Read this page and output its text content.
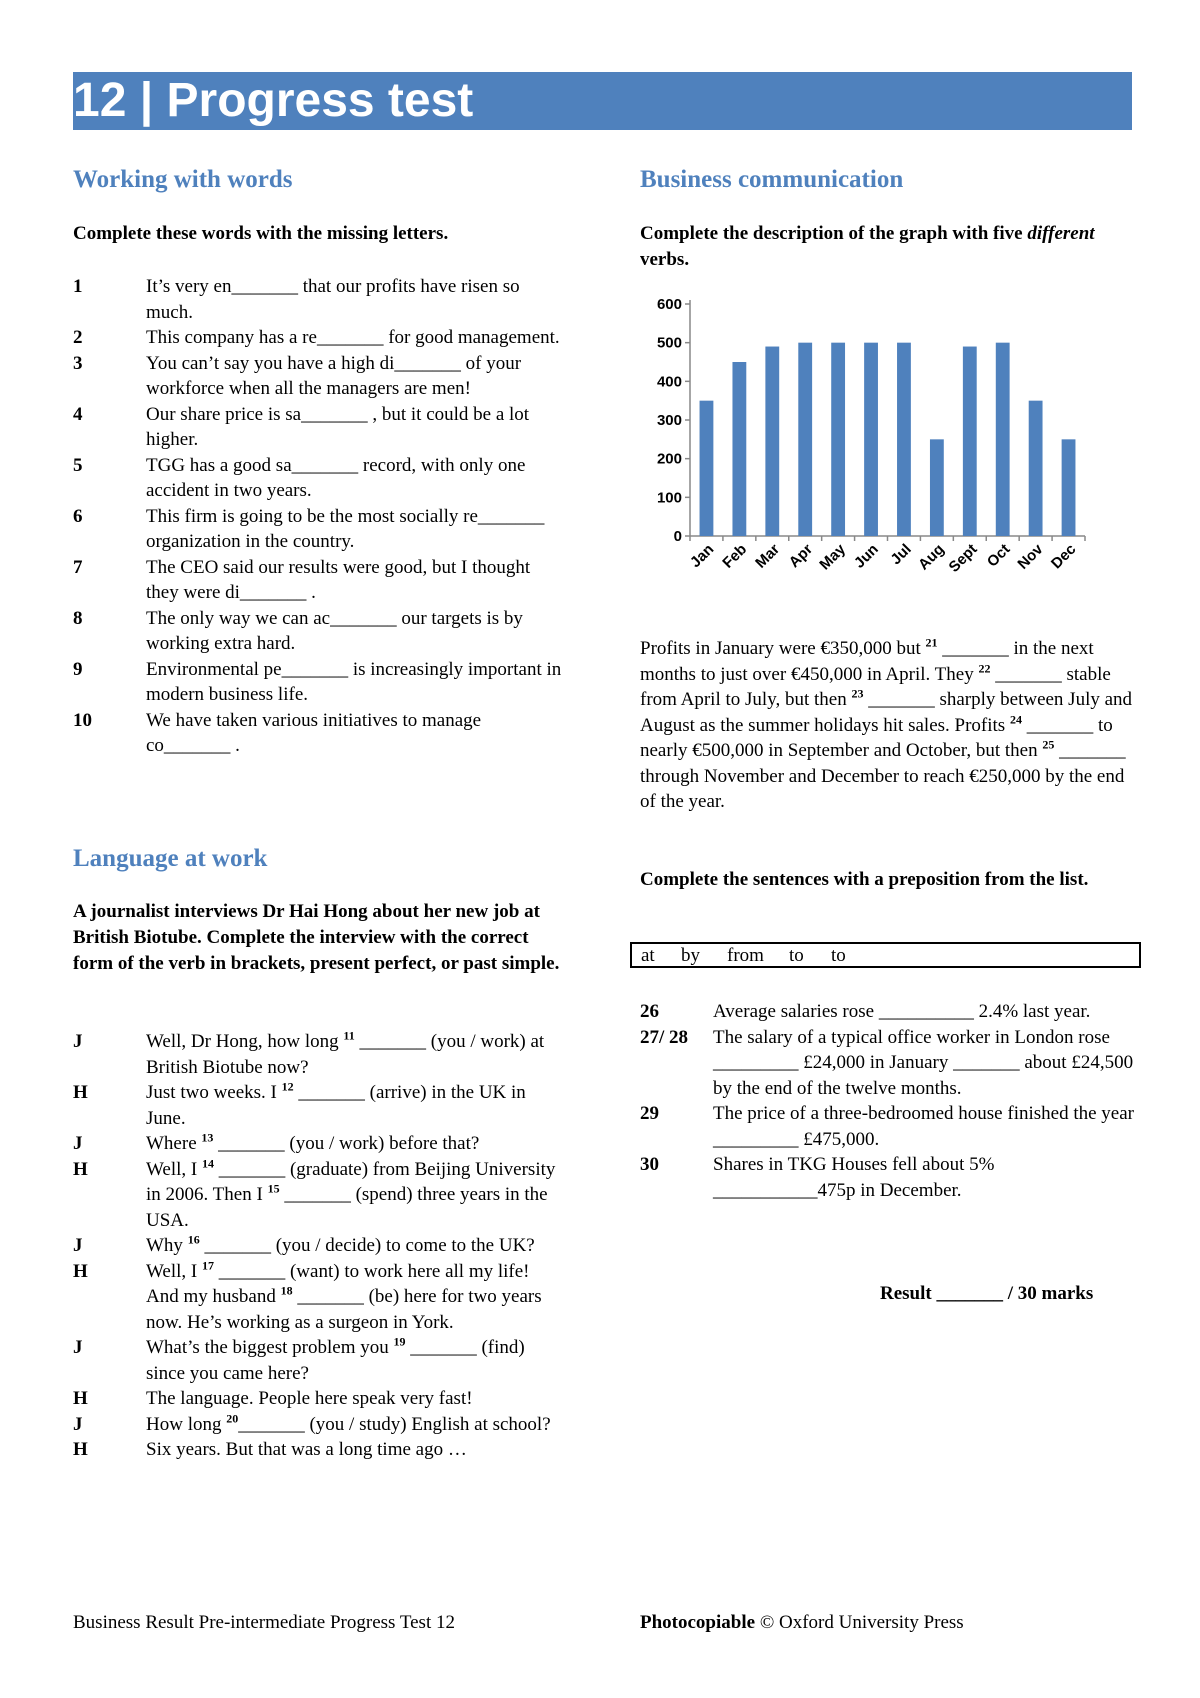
12 | Progress test
Working with words
Complete these words with the missing letters.
1	It’s very en_______ that our profits have risen so much.
2	This company has a re_______ for good management.
3	You can’t say you have a high di_______ of your workforce when all the managers are men!
4	Our share price is sa_______ , but it could be a lot higher.
5	TGG has a good sa_______ record, with only one accident in two years.
6	This firm is going to be the most socially re_______ organization in the country.
7	The CEO said our results were good, but I thought they were di_______ .
8	The only way we can ac_______ our targets is by working extra hard.
9	Environmental pe_______ is increasingly important in modern business life.
10	We have taken various initiatives to manage co_______ .
Language at work
A journalist interviews Dr Hai Hong about her new job at British Biotube. Complete the interview with the correct form of the verb in brackets, present perfect, or past simple.
J	Well, Dr Hong, how long $^{11}$ _______ (you / work) at British Biotube now?
H	Just two weeks. I $^{12}$ _______ (arrive) in the UK in June.
J	Where $^{13}$ _______ (you / work) before that?
H	Well, I $^{14}$ _______ (graduate) from Beijing University in 2006. Then I $^{15}$ _______ (spend) three years in the USA.
J	Why $^{16}$ _______ (you / decide) to come to the UK?
H	Well, I $^{17}$ _______ (want) to work here all my life! And my husband $^{18}$ _______ (be) here for two years now. He’s working as a surgeon in York.
J	What’s the biggest problem you $^{19}$ _______ (find) since you came here?
H	The language. People here speak very fast!
J	How long $^{20}$_______ (you / study) English at school?
H	Six years. But that was a long time ago …
Business communication
Complete the description of the graph with five different verbs.
0
100
200
300
400
500
600
Jan Feb Mar Apr May Jun Jul Aug
Sept Oct Nov Dec
Profits in January were €350,000 but $^{21}$ _______ in the next months to just over €450,000 in April. They $^{22}$ _______ stable from April to July, but then $^{23}$ _______ sharply between July and August as the summer holidays hit sales. Profits $^{24}$ _______ to nearly €500,000 in September and October, but then $^{25}$ _______ through November and December to reach €250,000 by the end of the year.
Complete the sentences with a preposition from the list.
at by from to to
26	Average salaries rose __________ 2.4% last year.
27/ 28 The salary of a typical office worker in London rose _________ £24,000 in January _______ about £24,500 by the end of the twelve months.
29	The price of a three-bedroomed house finished the year _________ £475,000.
30	Shares in TKG Houses fell about 5% ___________475p in December.
Result _______ / 30 marks
Business Result Pre-intermediate Progress Test 12	Photocopiable © Oxford University Press
